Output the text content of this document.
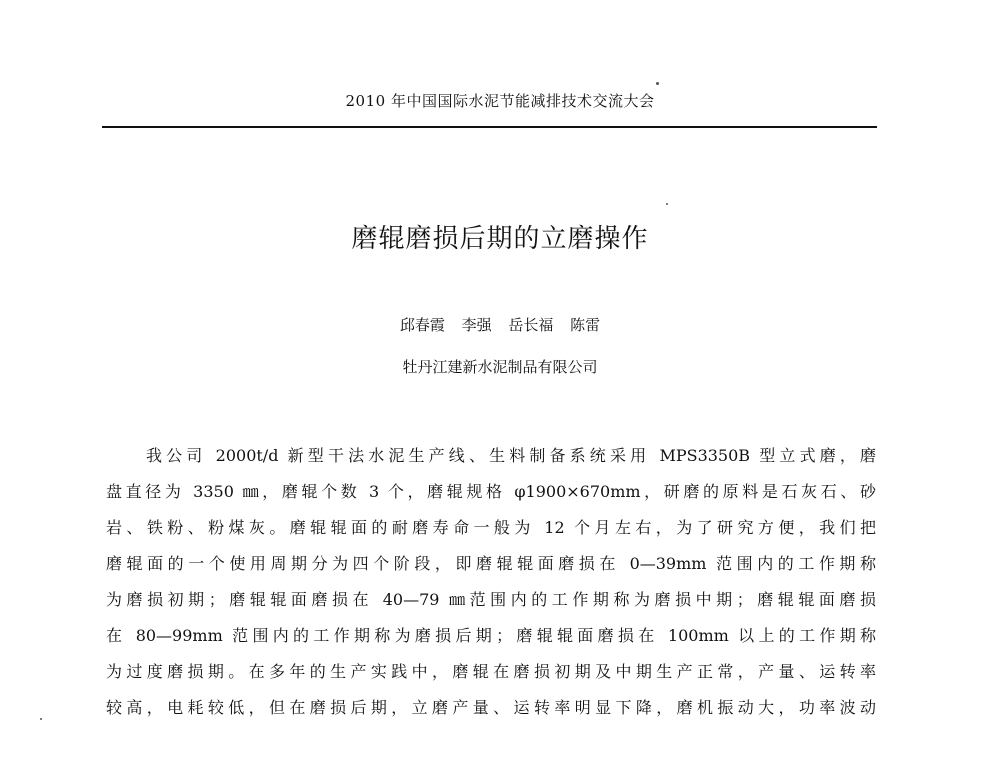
2010 年中国国际水泥节能减排技术交流大会
磨辊磨损后期的立磨操作
邱春霞 李强 岳长福 陈雷
牡丹江建新水泥制品有限公司
我公司 2000t/d 新型干法水泥生产线、生料制备系统采用 MPS3350B 型立式磨，磨
盘直径为 3350 ㎜，磨辊个数 3 个，磨辊规格 φ1900×670mm，研磨的原料是石灰石、砂
岩、铁粉、粉煤灰。磨辊辊面的耐磨寿命一般为 12 个月左右，为了研究方便，我们把
磨辊面的一个使用周期分为四个阶段，即磨辊辊面磨损在 0—39mm 范围内的工作期称
为磨损初期；磨辊辊面磨损在 40—79 ㎜范围内的工作期称为磨损中期；磨辊辊面磨损
在 80—99mm 范围内的工作期称为磨损后期；磨辊辊面磨损在 100mm 以上的工作期称
为过度磨损期。在多年的生产实践中，磨辊在磨损初期及中期生产正常，产量、运转率
较高，电耗较低，但在磨损后期，立磨产量、运转率明显下降，磨机振动大，功率波动
